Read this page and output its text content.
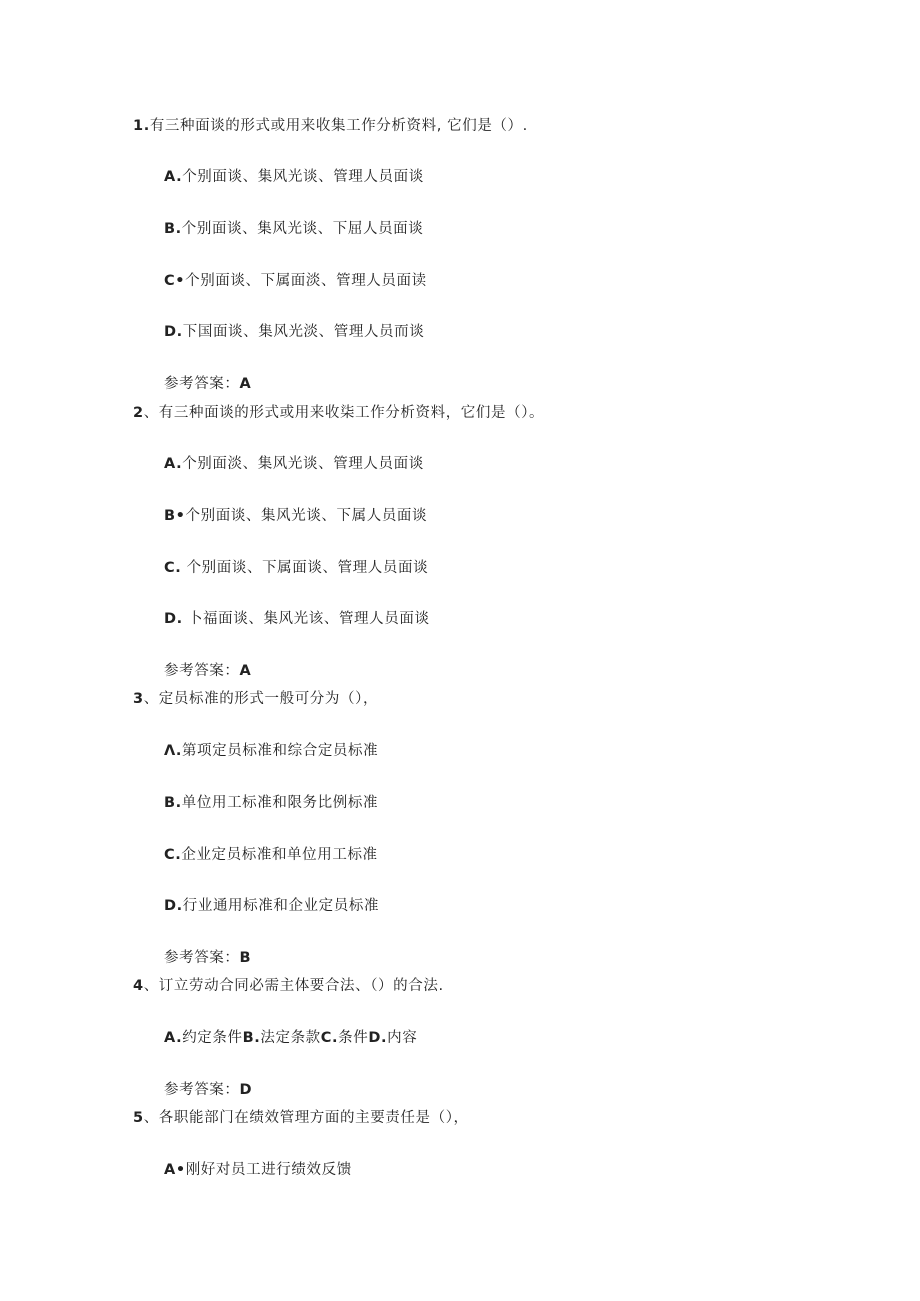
1.有三种面谈的形式或用来收集工作分析资料, 它们是（）.
A.个别面谈、集风光谈、管理人员面谈
B.个别面谈、集风光谈、下屈人员面谈
C•个别面谈、下属面淡、管理人员面读
D.下国面谈、集风光淡、管理人员而谈
参考答案：A
2、有三种面谈的形式或用来收柒工作分析资料，它们是（）。
A.个别面淡、集风光谈、管理人员面谈
B•个别面谈、集风光谈、下属人员面谈
C. 个别面谈、下属面谈、管理人员面谈
D. 卜福面谈、集风光该、管理人员面谈
参考答案：A
3、定员标准的形式一般可分为（），
Λ.第项定员标准和综合定员标准
B.单位用工标准和限务比例标准
C.企业定员标准和单位用工标准
D.行业通用标准和企业定员标准
参考答案：B
4、订立劳动合同必需主体要合法、（）的合法.
A.约定条件B.法定条款C.条件D.内容
参考答案：D
5、各职能部门在绩效管理方面的主要责任是（），
A•刚好对员工进行绩效反馈
